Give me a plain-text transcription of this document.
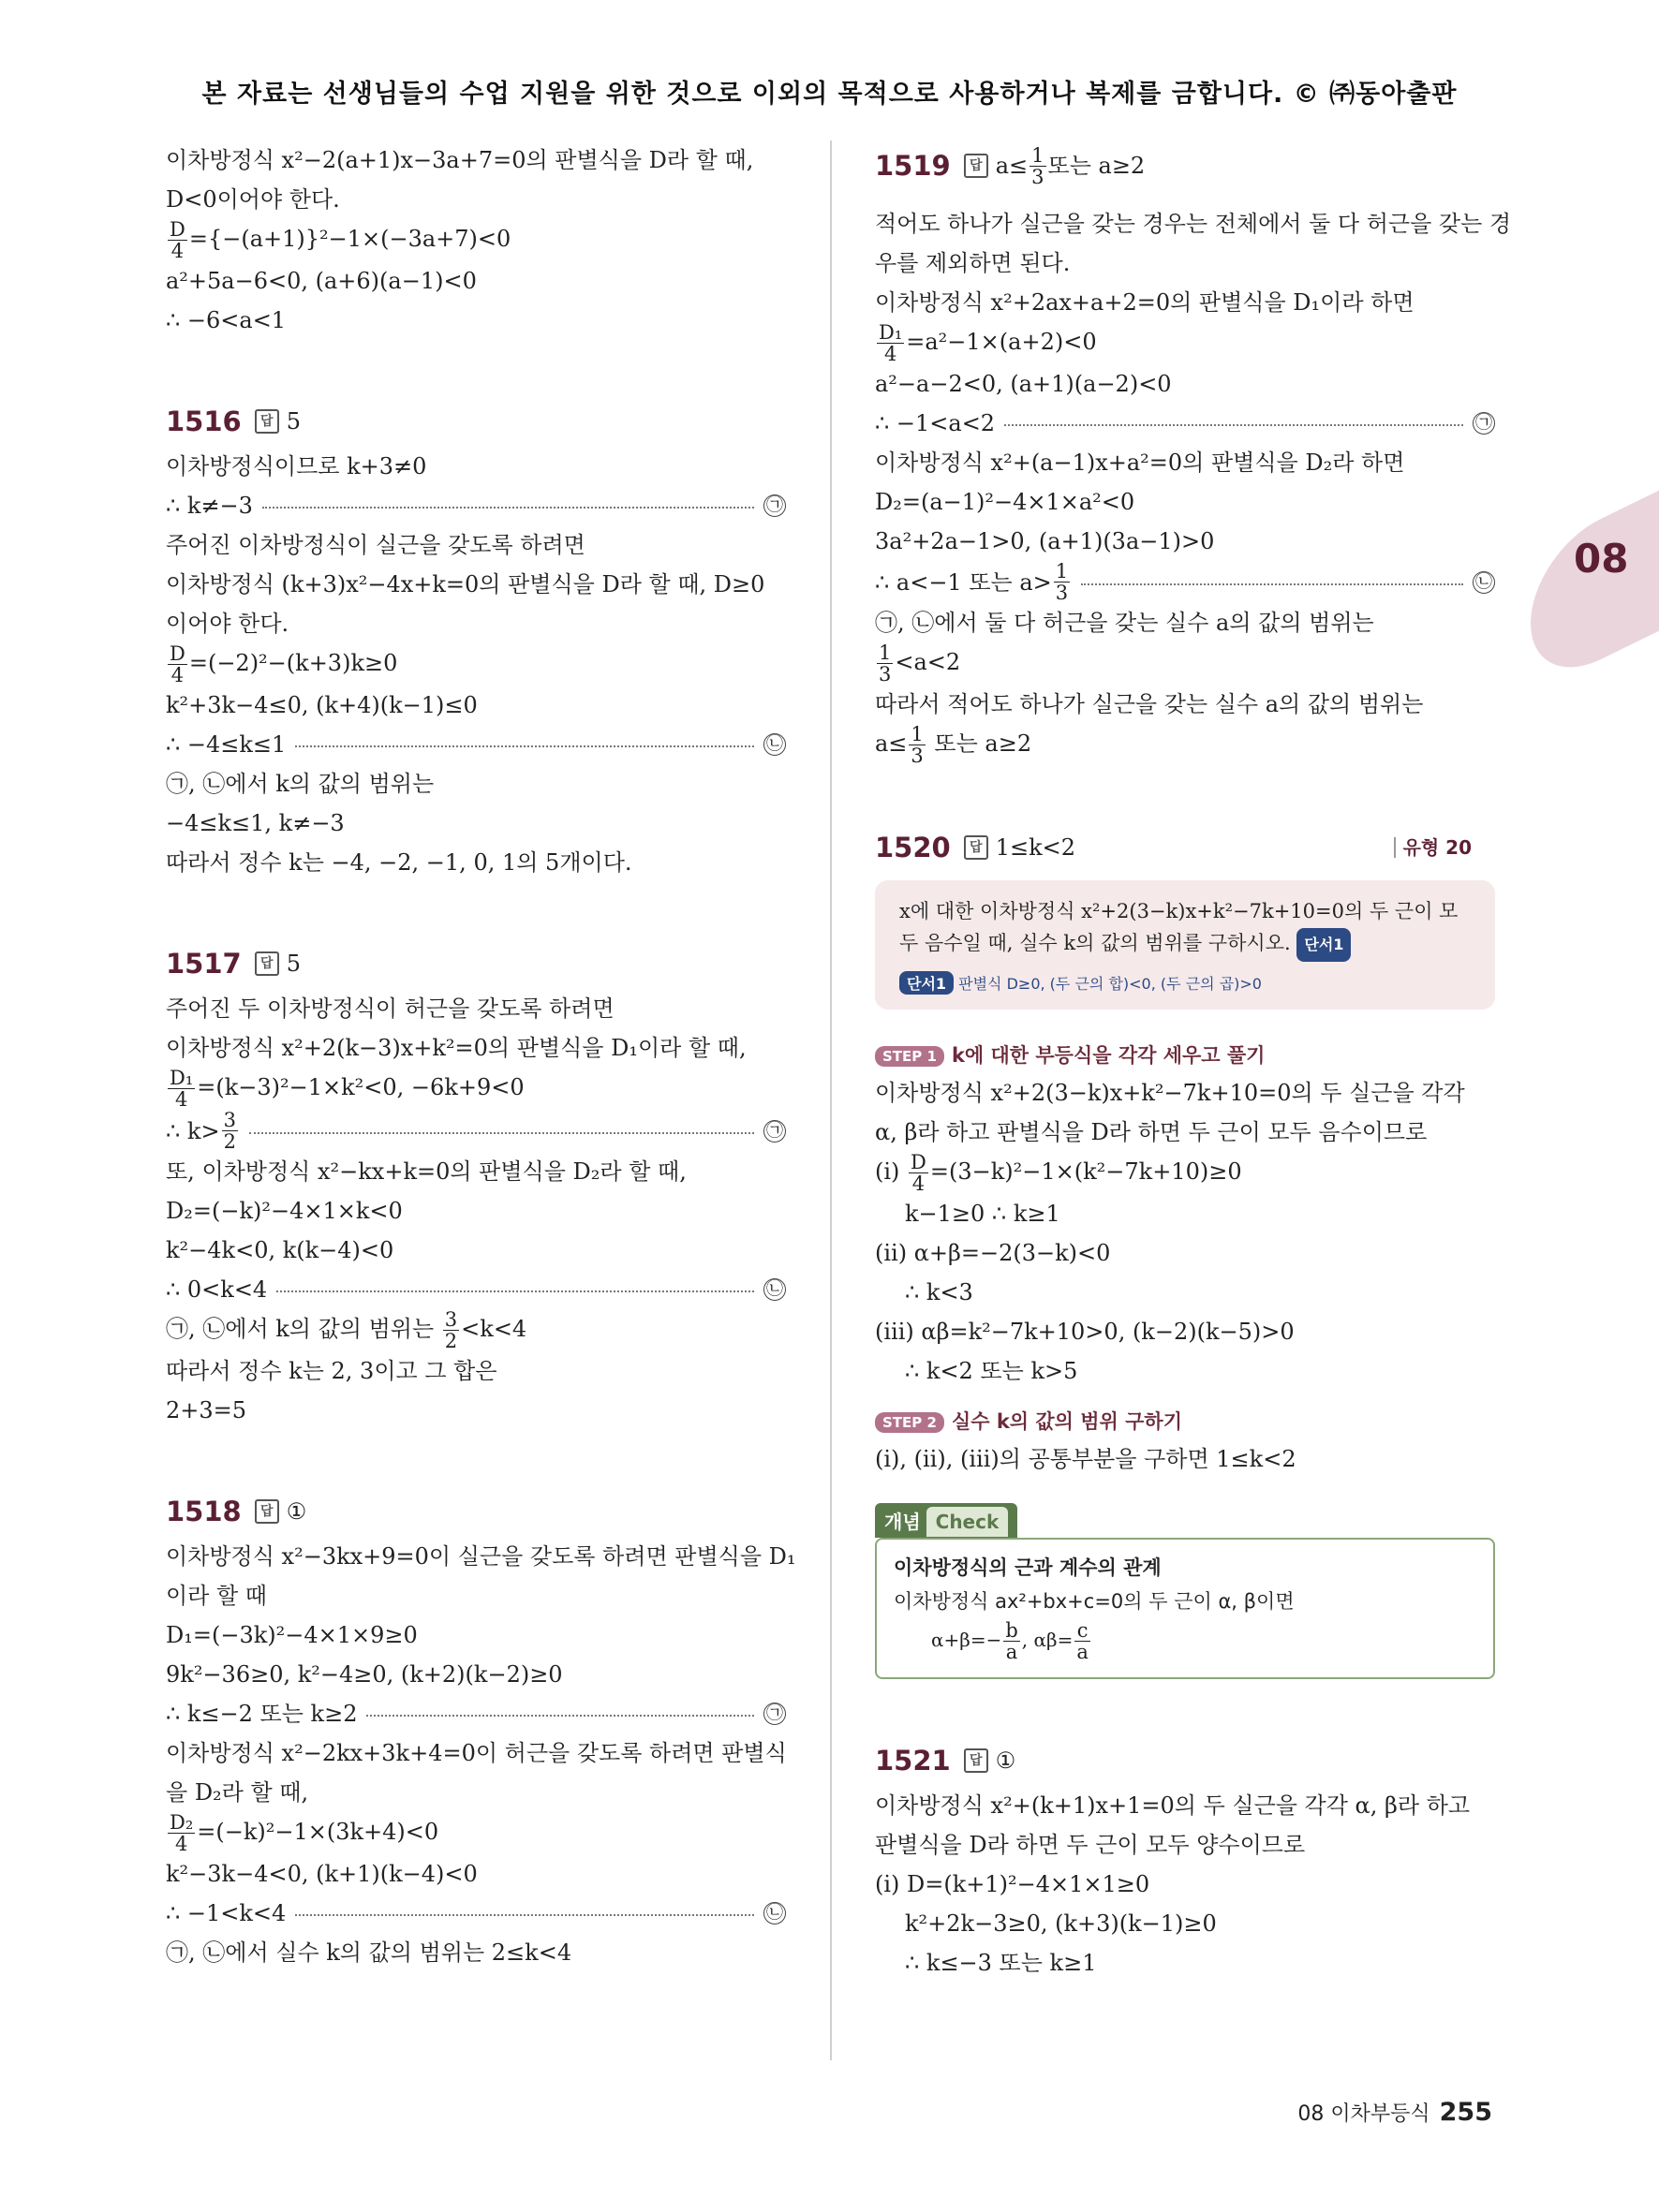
본 자료는 선생님들의 수업 지원을 위한 것으로 이외의 목적으로 사용하거나 복제를 금합니다. © ㈜동아출판
08
이차방정식 x²−2(a+1)x−3a+7=0의 판별식을 D라 할 때,
D<0이어야 한다.
$\frac{D}{4} =\{-(a+1)\}^2-1\times(-3a+7)<0$
a²+5a−6<0, (a+6)(a−1)<0
∴ −6<a<1
1516	답 5
이차방정식이므로 k+3≠0
∴ k≠−3	㉠
주어진 이차방정식이 실근을 갖도록 하려면
이차방정식 (k+3)x²−4x+k=0의 판별식을 D라 할 때, D≥0
이어야 한다.
$\frac{D}{4} =(-2)^2-(k+3)k\ge 0$
k²+3k−4≤0, (k+4)(k−1)≤0
∴ −4≤k≤1	㉡
㉠, ㉡에서 k의 값의 범위는
−4≤k≤1, k≠−3
따라서 정수 k는 −4, −2, −1, 0, 1의 5개이다.
1517	답 5
주어진 두 이차방정식이 허근을 갖도록 하려면
이차방정식 x²+2(k−3)x+k²=0의 판별식을 D₁이라 할 때,
$\frac{\text{D₁}}{4} =(k-3)^2-1\times k^2<0$, −6k+9<0
∴ $k> \frac{3}{2}$	㉠
또, 이차방정식 x²−kx+k=0의 판별식을 D₂라 할 때,
D₂=(−k)²−4×1×k<0
k²−4k<0, k(k−4)<0
∴ 0<k<4	㉡
㉠, ㉡에서 k의 값의 범위는 $\frac{3}{2} <k<4$
따라서 정수 k는 2, 3이고 그 합은
2+3=5
1518	답 ①
이차방정식 x²−3kx+9=0이 실근을 갖도록 하려면 판별식을 D₁
이라 할 때
D₁=(−3k)²−4×1×9≥0
9k²−36≥0, k²−4≥0, (k+2)(k−2)≥0
∴ k≤−2 또는 k≥2	㉠
이차방정식 x²−2kx+3k+4=0이 허근을 갖도록 하려면 판별식
을 D₂라 할 때,
$\frac{\text{D₂}}{4} =(-k)^2-1\times(3k+4)<0$
k²−3k−4<0, (k+1)(k−4)<0
∴ −1<k<4	㉡
㉠, ㉡에서 실수 k의 값의 범위는 2≤k<4
1519	답 $a\le \frac{1}{3}$ 또는 a≥2
적어도 하나가 실근을 갖는 경우는 전체에서 둘 다 허근을 갖는 경
우를 제외하면 된다.
이차방정식 x²+2ax+a+2=0의 판별식을 D₁이라 하면
$\frac{\text{D₁}}{4} =a^2-1\times(a+2)<0$
a²−a−2<0, (a+1)(a−2)<0
∴ −1<a<2	㉠
이차방정식 x²+(a−1)x+a²=0의 판별식을 D₂라 하면
D₂=(a−1)²−4×1×a²<0
3a²+2a−1>0, (a+1)(3a−1)>0
∴ a<−1 또는 $a> \frac{1}{3}$	㉡
㉠, ㉡에서 둘 다 허근을 갖는 실수 a의 값의 범위는
$\frac{1}{3} <a<2$
따라서 적어도 하나가 실근을 갖는 실수 a의 값의 범위는
$a\le \frac{1}{3}$ 또는 a≥2
1520	답 1≤k<2	유형 20
x에 대한 이차방정식 x²+2(3−k)x+k²−7k+10=0의 두 근이 모
두 음수일 때, 실수 k의 값의 범위를 구하시오. 단서1
단서1 판별식 D≥0, (두 근의 합)<0, (두 근의 곱)>0
STEP 1 k에 대한 부등식을 각각 세우고 풀기
이차방정식 x²+2(3−k)x+k²−7k+10=0의 두 실근을 각각
α, β라 하고 판별식을 D라 하면 두 근이 모두 음수이므로
(ⅰ) $\frac{D}{4} =(3-k)^2-1\times(k^2-7k+10)\ge 0$
k−1≥0 ∴ k≥1
(ⅱ) α+β=−2(3−k)<0
∴ k<3
(ⅲ) αβ=k²−7k+10>0, (k−2)(k−5)>0
∴ k<2 또는 k>5
STEP 2 실수 k의 값의 범위 구하기
(ⅰ), (ⅱ), (ⅲ)의 공통부분을 구하면 1≤k<2
개념 Check
이차방정식의 근과 계수의 관계
이차방정식 ax²+bx+c=0의 두 근이 α, β이면
$\alpha+\beta=- \frac{b}{a}$ , $\alpha\beta= \frac{c}{a}$
1521	답 ①
이차방정식 x²+(k+1)x+1=0의 두 실근을 각각 α, β라 하고
판별식을 D라 하면 두 근이 모두 양수이므로
(ⅰ) D=(k+1)²−4×1×1≥0
k²+2k−3≥0, (k+3)(k−1)≥0
∴ k≤−3 또는 k≥1
08 이차부등식 255
